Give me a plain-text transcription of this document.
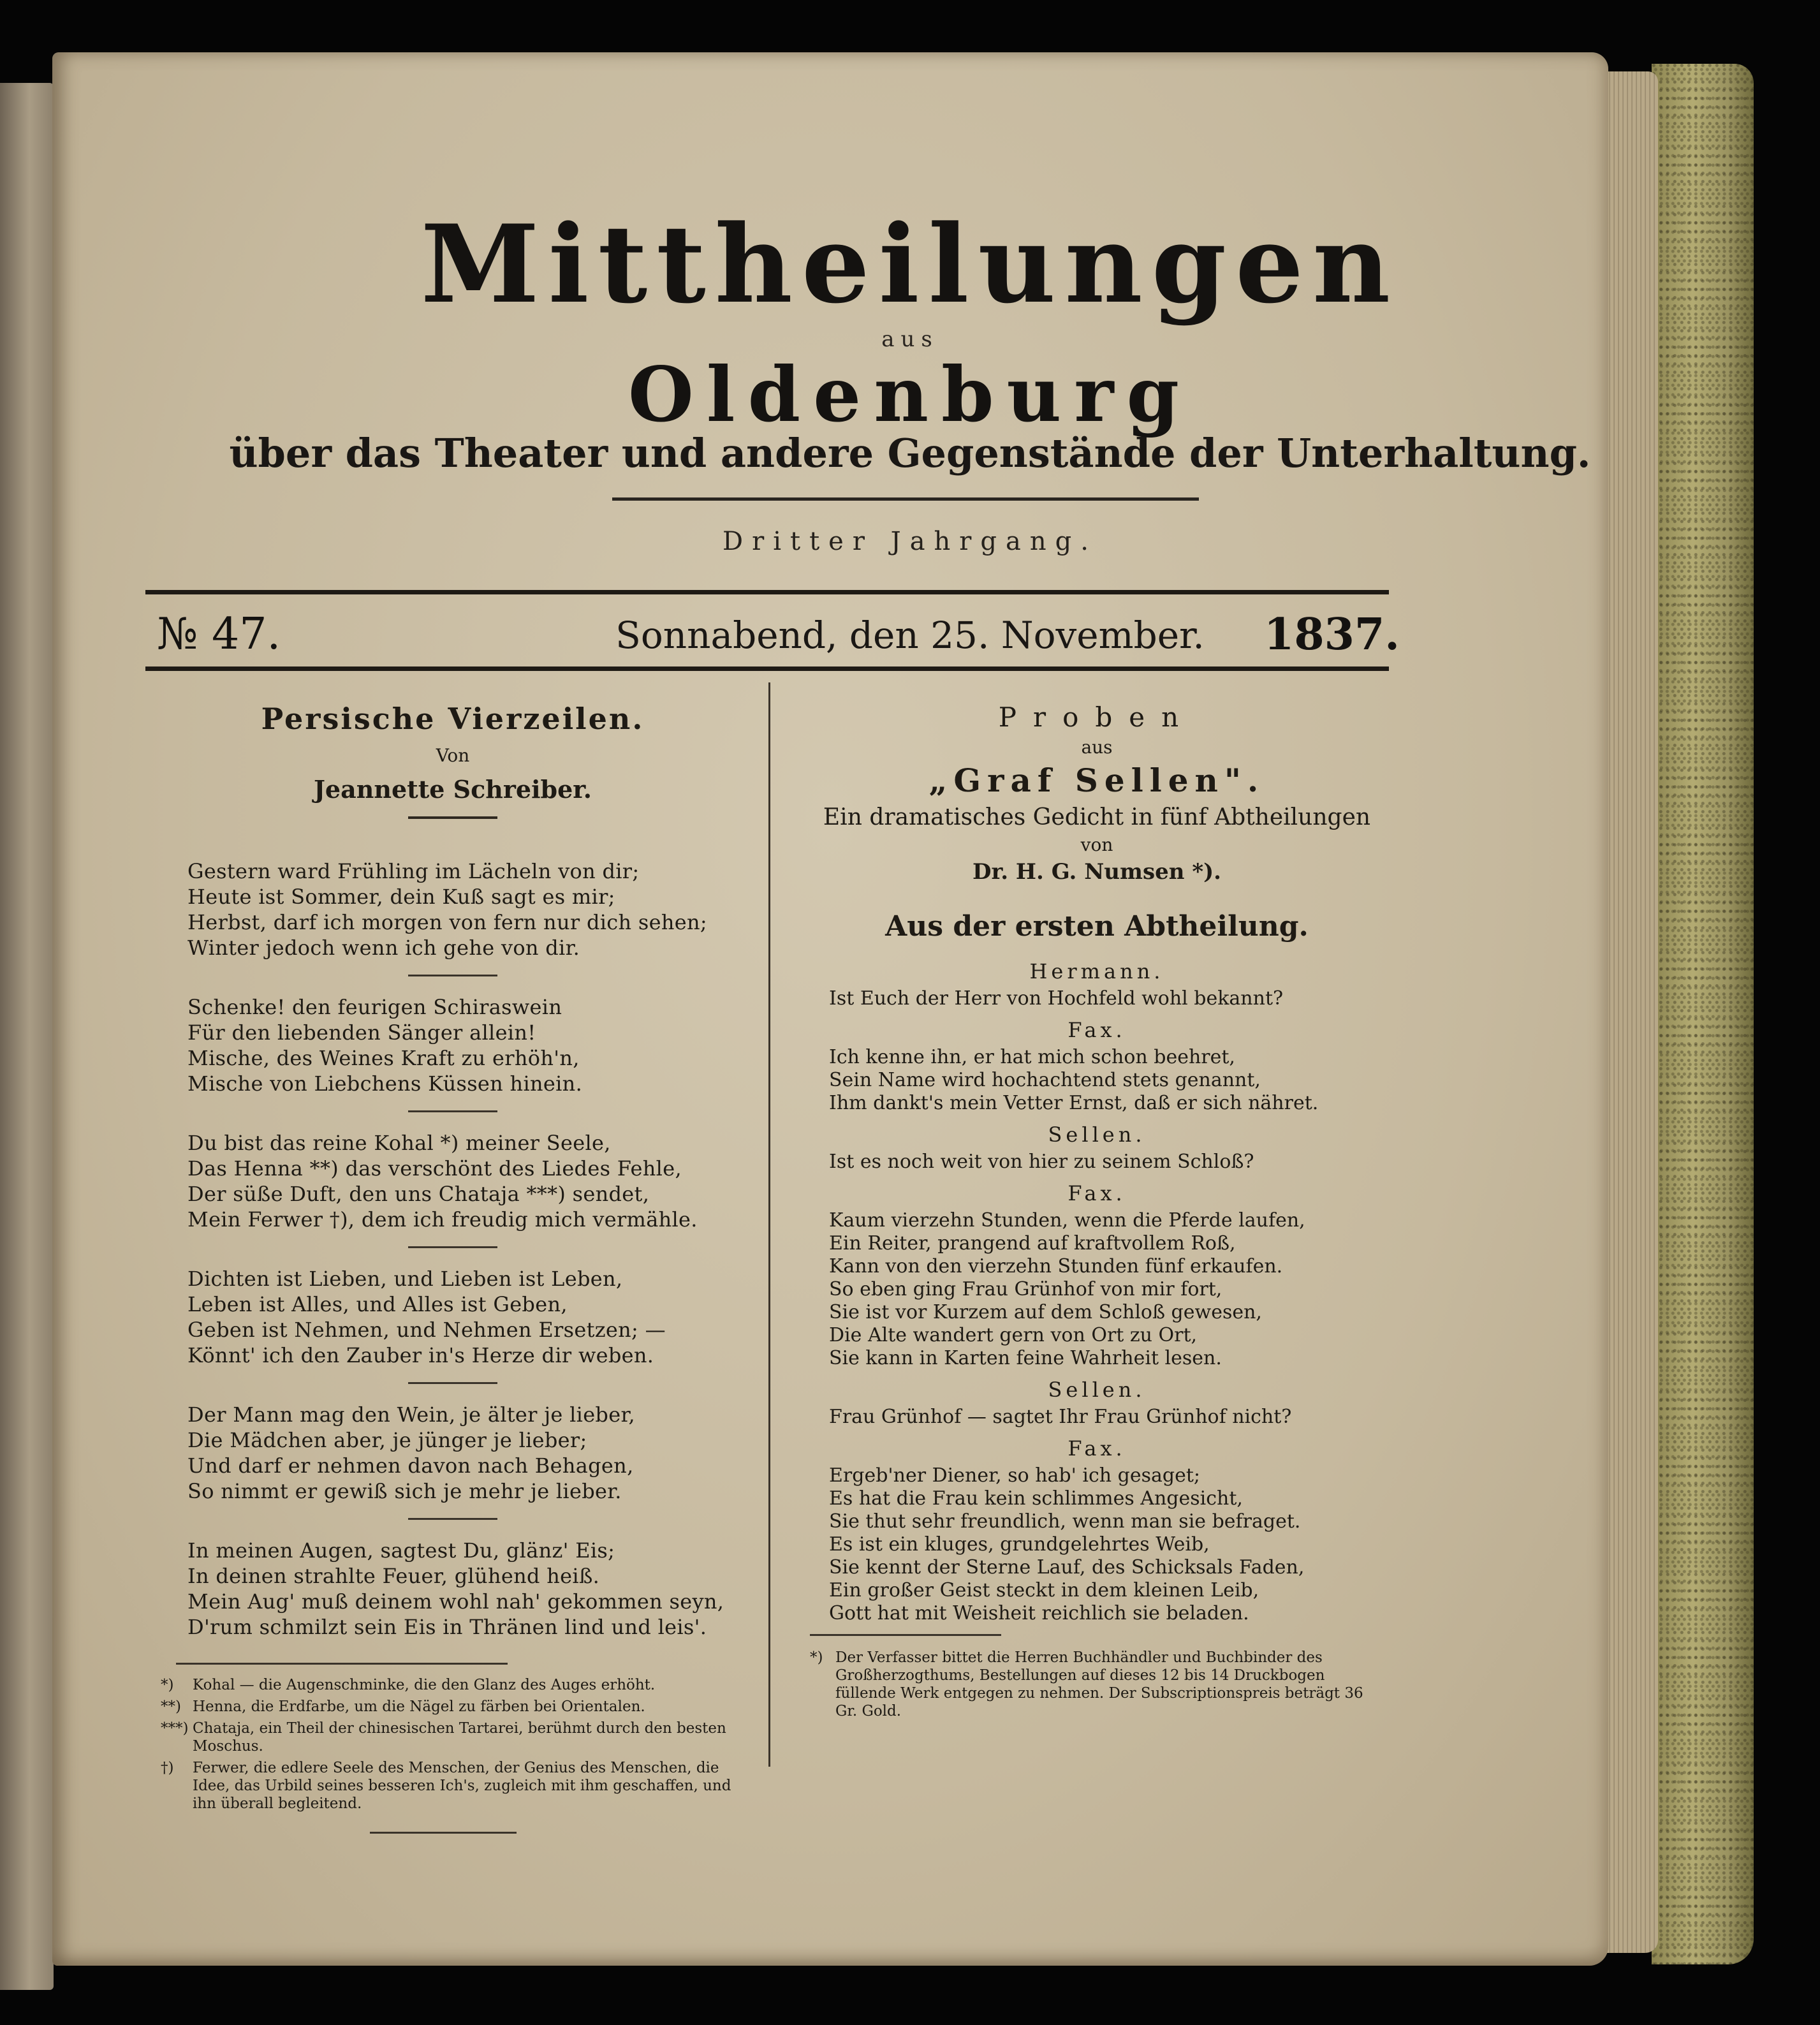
Mittheilungen
aus
Oldenburg
über das Theater und andere Gegenstände der Unterhaltung.
Dritter Jahrgang.
№ 47.	Sonnabend, den 25. November.	1837.
Persische Vierzeilen.
Von
Jeannette Schreiber.
Gestern ward Frühling im Lächeln von dir;
Heute ist Sommer, dein Kuß sagt es mir;
Herbst, darf ich morgen von fern nur dich sehen;
Winter jedoch wenn ich gehe von dir.
Schenke! den feurigen Schiraswein
Für den liebenden Sänger allein!
Mische, des Weines Kraft zu erhöh'n,
Mische von Liebchens Küssen hinein.
Du bist das reine Kohal *) meiner Seele,
Das Henna **) das verschönt des Liedes Fehle,
Der süße Duft, den uns Chataja ***) sendet,
Mein Ferwer †), dem ich freudig mich vermähle.
Dichten ist Lieben, und Lieben ist Leben,
Leben ist Alles, und Alles ist Geben,
Geben ist Nehmen, und Nehmen Ersetzen; —
Könnt' ich den Zauber in's Herze dir weben.
Der Mann mag den Wein, je älter je lieber,
Die Mädchen aber, je jünger je lieber;
Und darf er nehmen davon nach Behagen,
So nimmt er gewiß sich je mehr je lieber.
In meinen Augen, sagtest Du, glänz' Eis;
In deinen strahlte Feuer, glühend heiß.
Mein Aug' muß deinem wohl nah' gekommen seyn,
D'rum schmilzt sein Eis in Thränen lind und leis'.
*) Kohal — die Augenschminke, die den Glanz des Auges erhöht.
**) Henna, die Erdfarbe, um die Nägel zu färben bei Orientalen.
***) Chataja, ein Theil der chinesischen Tartarei, berühmt durch den besten Moschus.
†) Ferwer, die edlere Seele des Menschen, der Genius des Menschen, die Idee, das Urbild seines besseren Ich's, zugleich mit ihm geschaffen, und ihn überall begleitend.
Proben
aus
„Graf Sellen".
Ein dramatisches Gedicht in fünf Abtheilungen
von
Dr. H. G. Numsen *).
Aus der ersten Abtheilung.
Hermann.
Ist Euch der Herr von Hochfeld wohl bekannt?
Fax.
Ich kenne ihn, er hat mich schon beehret,
Sein Name wird hochachtend stets genannt,
Ihm dankt's mein Vetter Ernst, daß er sich nähret.
Sellen.
Ist es noch weit von hier zu seinem Schloß?
Fax.
Kaum vierzehn Stunden, wenn die Pferde laufen,
Ein Reiter, prangend auf kraftvollem Roß,
Kann von den vierzehn Stunden fünf erkaufen.
So eben ging Frau Grünhof von mir fort,
Sie ist vor Kurzem auf dem Schloß gewesen,
Die Alte wandert gern von Ort zu Ort,
Sie kann in Karten feine Wahrheit lesen.
Sellen.
Frau Grünhof — sagtet Ihr Frau Grünhof nicht?
Fax.
Ergeb'ner Diener, so hab' ich gesaget;
Es hat die Frau kein schlimmes Angesicht,
Sie thut sehr freundlich, wenn man sie befraget.
Es ist ein kluges, grundgelehrtes Weib,
Sie kennt der Sterne Lauf, des Schicksals Faden,
Ein großer Geist steckt in dem kleinen Leib,
Gott hat mit Weisheit reichlich sie beladen.
*) Der Verfasser bittet die Herren Buchhändler und Buchbinder des Großherzogthums, Bestellungen auf dieses 12 bis 14 Druckbogen füllende Werk entgegen zu nehmen. Der Subscriptionspreis beträgt 36 Gr. Gold.
